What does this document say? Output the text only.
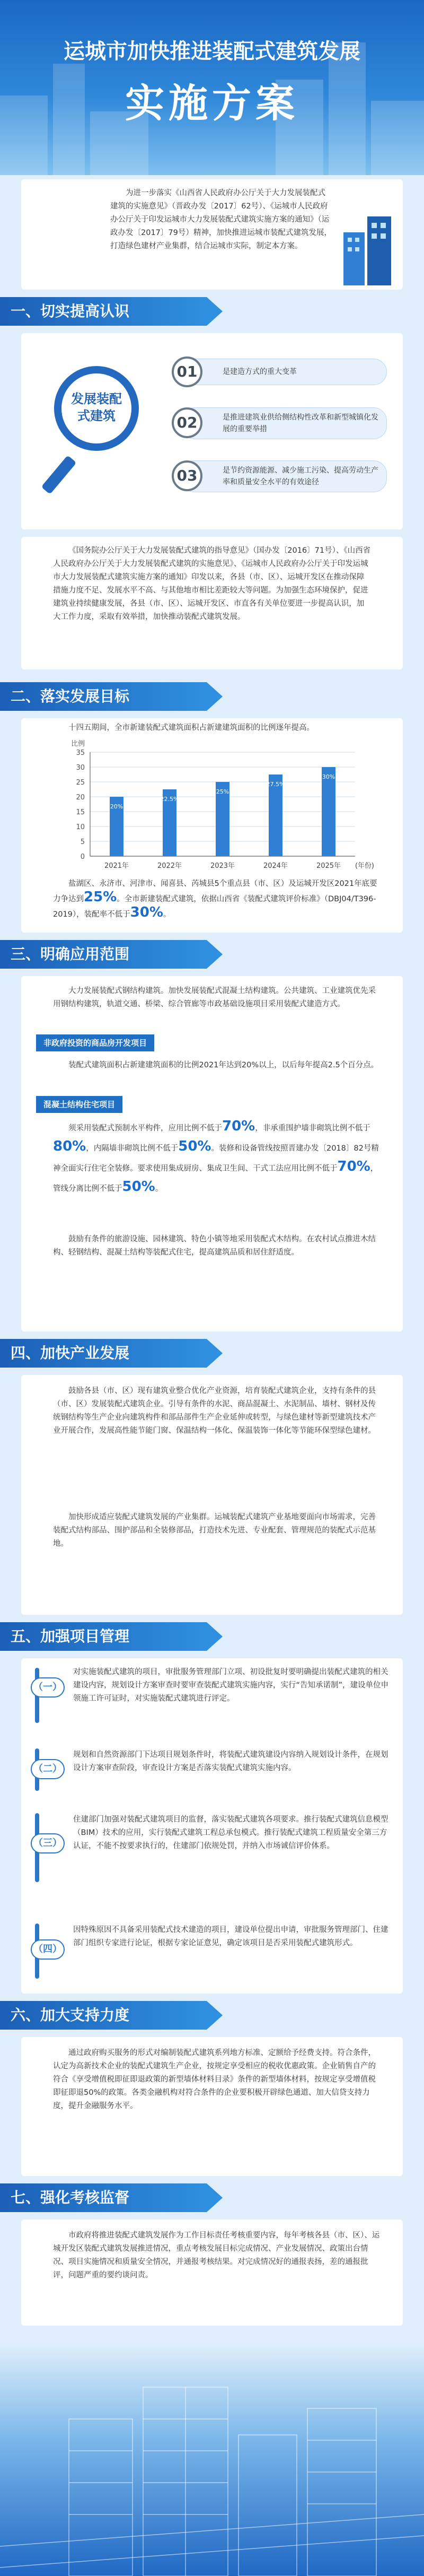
运城市加快推进装配式建筑发展
实施方案

为进一步落实《山西省人民政府办公厅关于大力发展装配式建筑的实施意见》（晋政办发〔2017〕62号）、《运城市人民政府办公厅关于印发运城市大力发展装配式建筑实施方案的通知》（运政办发〔2017〕79号）精神，加快推进运城市装配式建筑发展，打造绿色建材产业集群，结合运城市实际，制定本方案。

一、切实提高认识
发展装配式建筑
01	是建造方式的重大变革
02	是推进建筑业供给侧结构性改革和新型城镇化发展的重要举措
03	是节约资源能源、减少施工污染、提高劳动生产率和质量安全水平的有效途径

《国务院办公厅关于大力发展装配式建筑的指导意见》（国办发〔2016〕71号）、《山西省人民政府办公厅关于大力发展装配式建筑的实施意见》、《运城市人民政府办公厅关于印发运城市大力发展装配式建筑实施方案的通知》印发以来，各县（市、区）、运城开发区在推动保障措施力度不足、发展水平不高、与其他地市相比差距较大等问题。为加强生态环境保护，促进建筑业持续健康发展，各县（市、区）、运城开发区、市直各有关单位要进一步提高认识，加大工作力度，采取有效举措，加快推动装配式建筑发展。

二、落实发展目标

十四五期间，全市新建装配式建筑面积占新建建筑面积的比例逐年提高。

35
30
25
20
15
10
5
0
比例
20%
2021年
22.5%
2022年
25%
2023年
27.5%
2024年
30%
2025年 (年份)

盐湖区、永济市、河津市、闻喜县、芮城县5个重点县（市、区）及运城开发区2021年底要力争达到25%。全市新建装配式建筑，依据山西省《装配式建筑评价标准》（DBJ04/T396-2019），装配率不低于30%。

三、明确应用范围

大力发展装配式钢结构建筑。加快发展装配式混凝土结构建筑。公共建筑、工业建筑优先采用钢结构建筑，轨道交通、桥梁、综合管廊等市政基础设施项目采用装配式建造方式。

非政府投资的商品房开发项目

装配式建筑面积占新建建筑面积的比例2021年达到20%以上，以后每年提高2.5个百分点。

混凝土结构住宅项目

须采用装配式预制水平构件，应用比例不低于70%，非承重围护墙非砌筑比例不低于80%，内隔墙非砌筑比例不低于50%。装修和设备管线按照晋建办发〔2018〕82号精神全面实行住宅全装修。要求使用集成厨房、集成卫生间、干式工法应用比例不低于70%，管线分离比例不低于50%。

鼓励有条件的旅游设施、园林建筑、特色小镇等地采用装配式木结构。在农村试点推进木结构、轻钢结构、混凝土结构等装配式住宅，提高建筑品质和居住舒适度。

四、加快产业发展

鼓励各县（市、区）现有建筑业整合优化产业资源，培育装配式建筑企业，支持有条件的县（市、区）发展装配式建筑企业。引导有条件的水泥、商品混凝土、水泥制品、墙材、钢材及传统钢结构等生产企业向建筑构件和部品部件生产企业延伸或转型，与绿色建材等新型建筑技术产业开展合作，发展高性能节能门窗、保温结构一体化、保温装饰一体化等节能环保型绿色建材。

加快形成适应装配式建筑发展的产业集群。运城装配式建筑产业基地要面向市场需求，完善装配式结构部品、围护部品和全装修部品，打造技术先进、专业配套、管理规范的装配式示范基地。

五、加强项目管理
（一）

对实施装配式建筑的项目，审批服务管理部门立项、初设批复时要明确提出装配式建筑的相关建设内容，规划设计方案审查时要审查装配式建筑实施内容，实行“告知承诺制”，建设单位申领施工许可证时，对实施装配式建筑进行评定。

（二）

规划和自然资源部门下达项目规划条件时，将装配式建筑建设内容纳入规划设计条件，在规划设计方案审查阶段，审查设计方案是否落实装配式建筑实施内容。

（三）

住建部门加强对装配式建筑项目的监督，落实装配式建筑各项要求。推行装配式建筑信息模型（BIM）技术的应用，实行装配式建筑工程总承包模式。推行装配式建筑工程质量安全第三方认证，不能不按要求执行的，住建部门依规处罚，并纳入市场诚信评价体系。

（四）

因特殊原因不具备采用装配式技术建造的项目，建设单位提出申请，审批服务管理部门、住建部门组织专家进行论证，根据专家论证意见，确定该项目是否采用装配式建筑形式。

六、加大支持力度

通过政府购买服务的形式对编制装配式建筑系列地方标准、定额给予经费支持。符合条件，认定为高新技术企业的装配式建筑生产企业，按规定享受相应的税收优惠政策。企业销售自产的符合《享受增值税即征即退政策的新型墙体材料目录》条件的新型墙体材料，按规定享受增值税即征即退50%的政策。各类金融机构对符合条件的企业要积极开辟绿色通道、加大信贷支持力度，提升金融服务水平。

七、强化考核监督

市政府将推进装配式建筑发展作为工作目标责任考核重要内容，每年考核各县（市、区）、运城开发区装配式建筑发展推进情况，重点考核发展目标完成情况、产业发展情况、政策出台情况、项目实施情况和质量安全情况，并通报考核结果。对完成情况好的通报表扬，差的通报批评，问题严重的要约谈问责。
